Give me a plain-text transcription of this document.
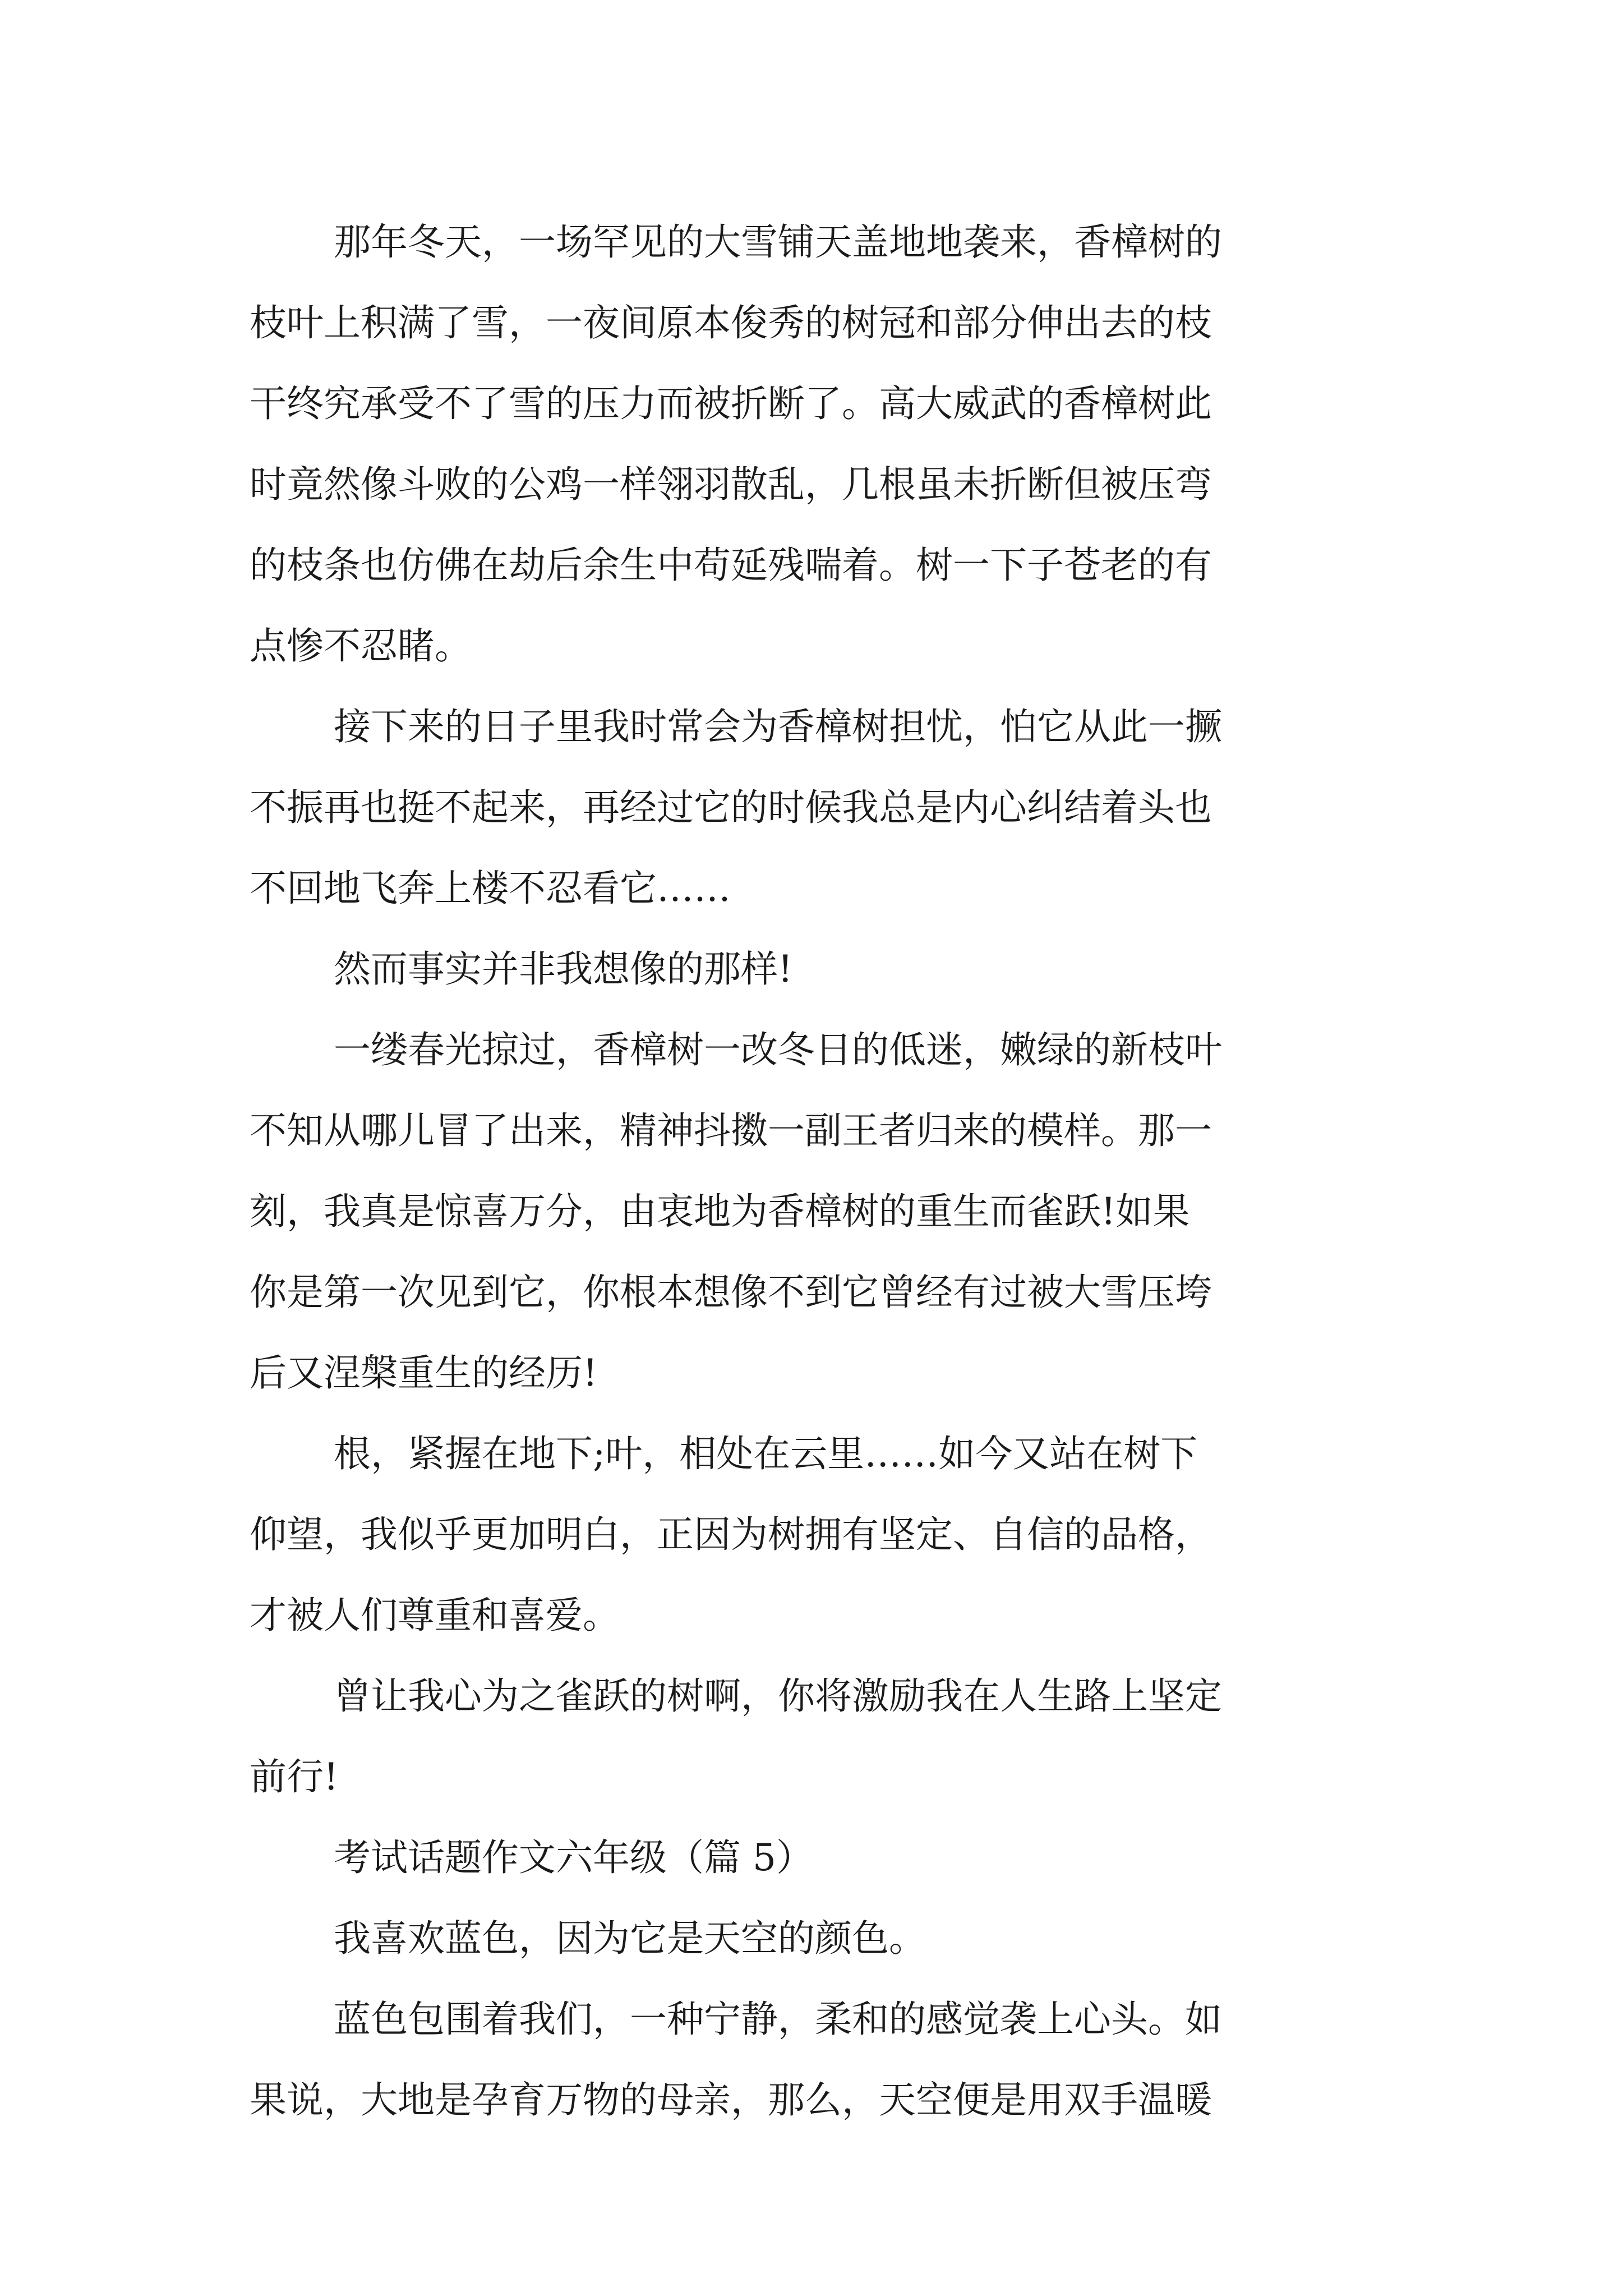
那年冬天，一场罕见的大雪铺天盖地地袭来，香樟树的
枝叶上积满了雪，一夜间原本俊秀的树冠和部分伸出去的枝
干终究承受不了雪的压力而被折断了。高大威武的香樟树此
时竟然像斗败的公鸡一样翎羽散乱，几根虽未折断但被压弯
的枝条也仿佛在劫后余生中苟延残喘着。树一下子苍老的有
点惨不忍睹。
接下来的日子里我时常会为香樟树担忧，怕它从此一撅
不振再也挺不起来，再经过它的时候我总是内心纠结着头也
不回地飞奔上楼不忍看它……
然而事实并非我想像的那样!
一缕春光掠过，香樟树一改冬日的低迷，嫩绿的新枝叶
不知从哪儿冒了出来，精神抖擞一副王者归来的模样。那一
刻，我真是惊喜万分，由衷地为香樟树的重生而雀跃!如果
你是第一次见到它，你根本想像不到它曾经有过被大雪压垮
后又涅槃重生的经历!
根，紧握在地下;叶，相处在云里……如今又站在树下
仰望，我似乎更加明白，正因为树拥有坚定、自信的品格，
才被人们尊重和喜爱。
曾让我心为之雀跃的树啊，你将激励我在人生路上坚定
前行!
考试话题作文六年级（篇 5）
我喜欢蓝色，因为它是天空的颜色。
蓝色包围着我们，一种宁静，柔和的感觉袭上心头。如
果说，大地是孕育万物的母亲，那么，天空便是用双手温暖
